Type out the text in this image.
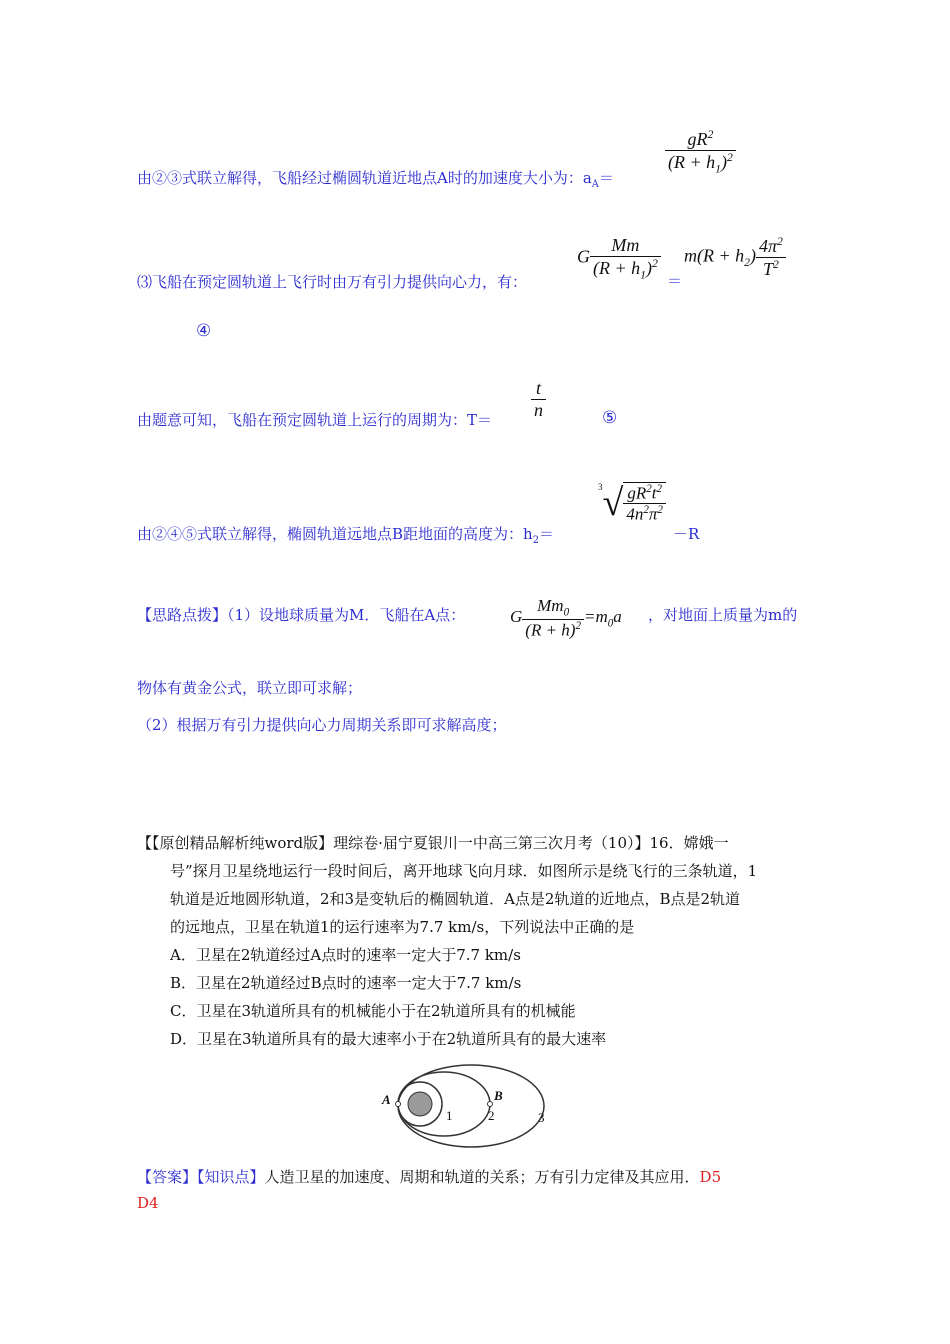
由②③式联立解得，飞船经过椭圆轨道近地点A时的加速度大小为：$a_A=$
$\frac{gR^2}{(R + h_1)^2}$
⑶飞船在预定圆轨道上飞行时由万有引力提供向心力，有：
G $\frac{Mm}{(R + h_1)^2}$ ＝
$m(R + h_2) \frac{4\pi^2}{T^2}$
④
由题意可知，飞船在预定圆轨道上运行的周期为：$T= \frac{t}{n}$	⑤
由②④⑤式联立解得，椭圆轨道远地点B距地面的高度为：$h_2=$
$^3√ \frac{gR^2t^2}{4n^2\pi^2}$
－R
【思路点拨】（1）设地球质量为M．飞船在A点：	G $\frac{Mm_0}{(R + h)^2} =m_0a$ ，对地面上质量为m的
物体有黄金公式，联立即可求解；
（2）根据万有引力提供向心力周期关系即可求解高度；
【【原创精品解析纯word版】理综卷·届宁夏银川一中高三第三次月考（10）】16．嫦娥一
号”探月卫星绕地运行一段时间后，离开地球飞向月球．如图所示是绕飞行的三条轨道，1
轨道是近地圆形轨道，2和3是变轨后的椭圆轨道．A点是2轨道的近地点，B点是2轨道
的远地点，卫星在轨道1的运行速率为7.7 km/s，下列说法中正确的是
A．卫星在2轨道经过A点时的速率一定大于7.7 km/s
B．卫星在2轨道经过B点时的速率一定大于7.7 km/s
C．卫星在3轨道所具有的机械能小于在2轨道所具有的机械能
D．卫星在3轨道所具有的最大速率小于在2轨道所具有的最大速率
A	B
1	2	3
【答案】【知识点】人造卫星的加速度、周期和轨道的关系；万有引力定律及其应用．D5
D4
